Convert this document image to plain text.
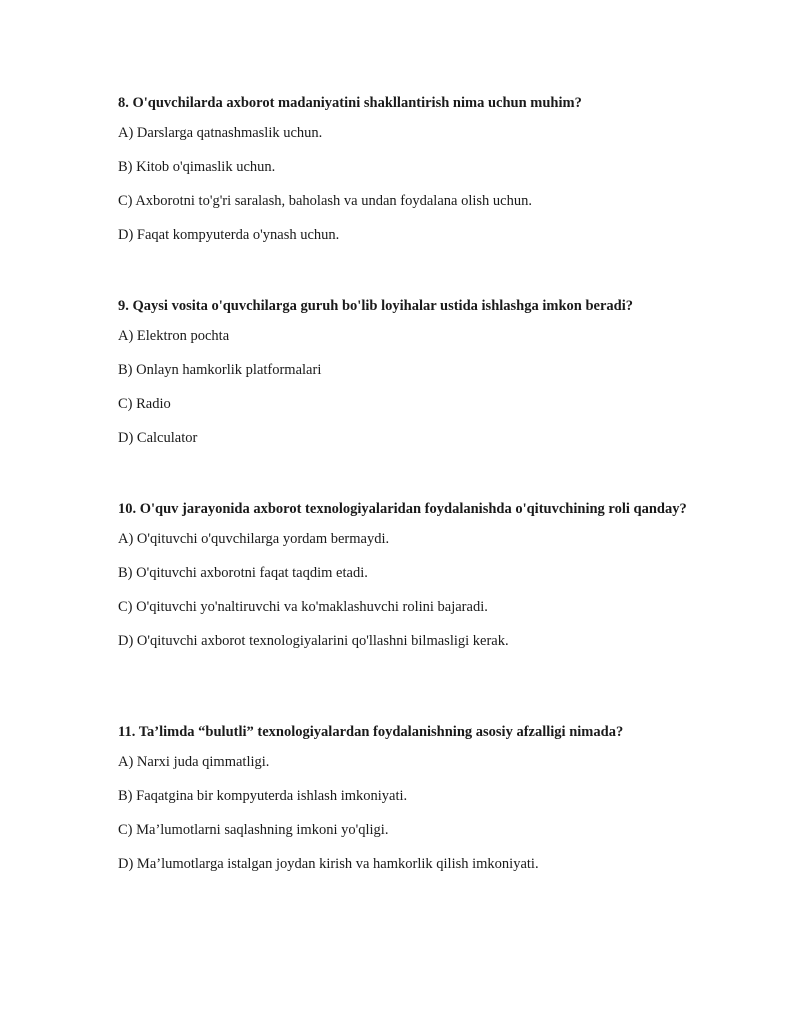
8. O'quvchilarda axborot madaniyatini shakllantirish nima uchun muhim?
A) Darslarga qatnashmaslik uchun.
B) Kitob o'qimaslik uchun.
C) Axborotni to'g'ri saralash, baholash va undan foydalana olish uchun.
D) Faqat kompyuterda o'ynash uchun.
9. Qaysi vosita o'quvchilarga guruh bo'lib loyihalar ustida ishlashga imkon beradi?
A) Elektron pochta
B) Onlayn hamkorlik platformalari
C) Radio
D) Calculator
10. O'quv jarayonida axborot texnologiyalaridan foydalanishda o'qituvchining roli qanday?
A) O'qituvchi o'quvchilarga yordam bermaydi.
B) O'qituvchi axborotni faqat taqdim etadi.
C) O'qituvchi yo'naltiruvchi va ko'maklashuvchi rolini bajaradi.
D) O'qituvchi axborot texnologiyalarini qo'llashni bilmasligi kerak.
11. Ta’limda “bulutli” texnologiyalardan foydalanishning asosiy afzalligi nimada?
A) Narxi juda qimmatligi.
B) Faqatgina bir kompyuterda ishlash imkoniyati.
C) Ma’lumotlarni saqlashning imkoni yo'qligi.
D) Ma’lumotlarga istalgan joydan kirish va hamkorlik qilish imkoniyati.
